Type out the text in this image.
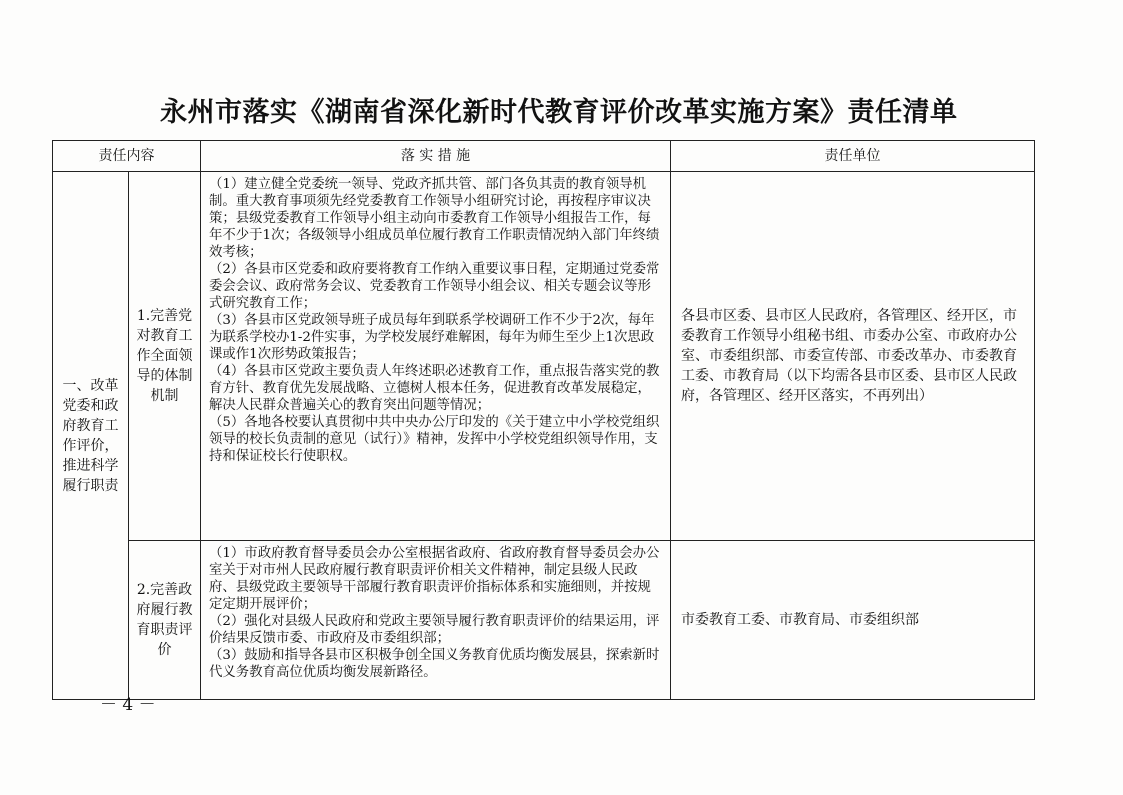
永州市落实《湖南省深化新时代教育评价改革实施方案》责任清单
责任内容		落 实 措 施	责任单位
一、改革党委和政府教育工作评价，推进科学履行职责	1.完善党对教育工作全面领导的体制机制	（1）建立健全党委统一领导、党政齐抓共管、部门各负其责的教育领导机制。重大教育事项须先经党委教育工作领导小组研究讨论，再按程序审议决策；县级党委教育工作领导小组主动向市委教育工作领导小组报告工作，每年不少于1次；各级领导小组成员单位履行教育工作职责情况纳入部门年终绩效考核；

（2）各县市区党委和政府要将教育工作纳入重要议事日程，定期通过党委常委会会议、政府常务会议、党委教育工作领导小组会议、相关专题会议等形式研究教育工作；

（3）各县市区党政领导班子成员每年到联系学校调研工作不少于2次，每年为联系学校办1-2件实事，为学校发展纾难解困，每年为师生至少上1次思政课或作1次形势政策报告；

（4）各县市区党政主要负责人年终述职必述教育工作，重点报告落实党的教育方针、教育优先发展战略、立德树人根本任务，促进教育改革发展稳定，解决人民群众普遍关心的教育突出问题等情况；

（5）各地各校要认真贯彻中共中央办公厅印发的《关于建立中小学校党组织领导的校长负责制的意见（试行）》精神，发挥中小学校党组织领导作用，支持和保证校长行使职权。	各县市区委、县市区人民政府，各管理区、经开区，市委教育工作领导小组秘书组、市委办公室、市政府办公室、市委组织部、市委宣传部、市委改革办、市委教育工委、市教育局（以下均需各县市区委、县市区人民政府，各管理区、经开区落实，不再列出）
	2.完善政府履行教育职责评价	（1）市政府教育督导委员会办公室根据省政府、省政府教育督导委员会办公室关于对市州人民政府履行教育职责评价相关文件精神，制定县级人民政府、县级党政主要领导干部履行教育职责评价指标体系和实施细则，并按规定定期开展评价；

（2）强化对县级人民政府和党政主要领导履行教育职责评价的结果运用，评价结果反馈市委、市政府及市委组织部；

（3）鼓励和指导各县市区积极争创全国义务教育优质均衡发展县，探索新时代义务教育高位优质均衡发展新路径。	市委教育工委、市教育局、市委组织部
－ 4 －
